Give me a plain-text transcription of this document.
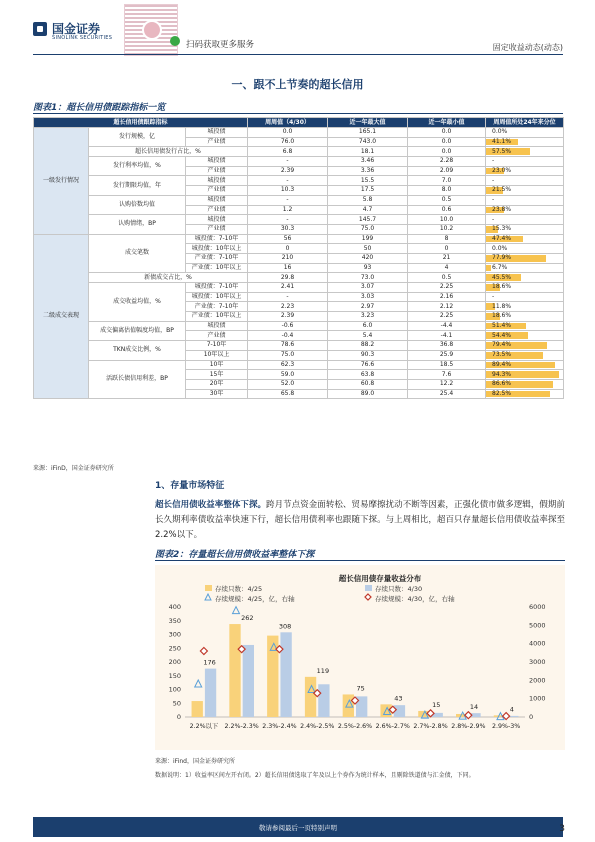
国金证券
SINOLINK SECURITIES
扫码获取更多服务	固定收益动态(动态)
一、跟不上节奏的超长信用
图表1：超长信用债跟踪指标一览
超长信用债跟踪指标			周周值（4/30）	近一年最大值	近一年最小值	周周值所处24年来分位
一级发行情况	发行规模，亿	城投债	0.0	165.1	0.0	0.0%
		产业债	76.0	743.0	0.0	41.1%
	超长信用债发行占比，%		6.8	18.1	0.0	57.5%
	发行利率均值，%	城投债	-	3.46	2.28	-
		产业债	2.39	3.36	2.09	23.0%
	发行期限均值，年	城投债	-	15.5	7.0	-
		产业债	10.3	17.5	8.0	21.5%
	认购倍数均值	城投债	-	5.8	0.5	-
		产业债	1.2	4.7	0.6	23.8%
	认购情绪，BP	城投债	-	145.7	10.0	-
		产业债	30.3	75.0	10.2	15.3%
二级成交表现	成交笔数	城投债：7-10年	56	199	8	47.4%
		城投债：10年以上	0	50	0	0.0%
		产业债：7-10年	210	420	21	77.9%
		产业债：10年以上	16	93	4	6.7%
	新债成交占比，%		29.8	73.0	0.5	45.5%
	成交收益均值，%	城投债：7-10年	2.41	3.07	2.25	18.6%
		城投债：10年以上	-	3.03	2.16	-
		产业债：7-10年	2.23	2.97	2.12	11.8%
		产业债：10年以上	2.39	3.23	2.25	18.6%
	成交偏离估值幅度均值，BP	城投债	-0.6	6.0	-4.4	51.4%
		产业债	-0.4	5.4	-4.1	54.4%
	TKN成交比例，%	7-10年	78.6	88.2	36.8	79.4%
		10年以上	75.0	90.3	25.9	73.5%
	活跃长债信用利差，BP	10年	62.3	76.6	18.5	89.4%
		15年	59.0	63.8	7.6	94.3%
		20年	52.0	60.8	12.2	86.6%
		30年	65.8	89.0	25.4	82.5%
来源：iFinD，国金证券研究所
1、存量市场特征
超长信用债收益率整体下探。跨月节点资金面转松、贸易摩擦扰动不断等因素，正强化债市做多逻辑，假期前长久期利率债收益率快速下行，超长信用债利率也跟随下探。与上周相比，超百只存量超长信用债收益率探至 2.2%以下。
图表2：存量超长信用债收益率整体下探
超长信用债存量收益分布
存续只数：4/25	存续只数：4/30
存续规模：4/25，亿，右轴	存续规模：4/30，亿，右轴
0
50
100
150
200
250
300
350
400
0
1000
2000
3000
4000
5000
6000
176
2.2%以下
262
2.2%-2.3%
308
2.3%-2.4%
119
2.4%-2.5%
75
2.5%-2.6%
43
2.6%-2.7%
15
2.7%-2.8%
14
2.8%-2.9%
4
2.9%-3%
来源：iFind，国金证券研究所
数据说明：1）收益率区间左开右闭。2）超长信用债选取了年及以上个券作为统计样本，且剔除铁道债与汇金债，下同。
敬请参阅最后一页特别声明	3
